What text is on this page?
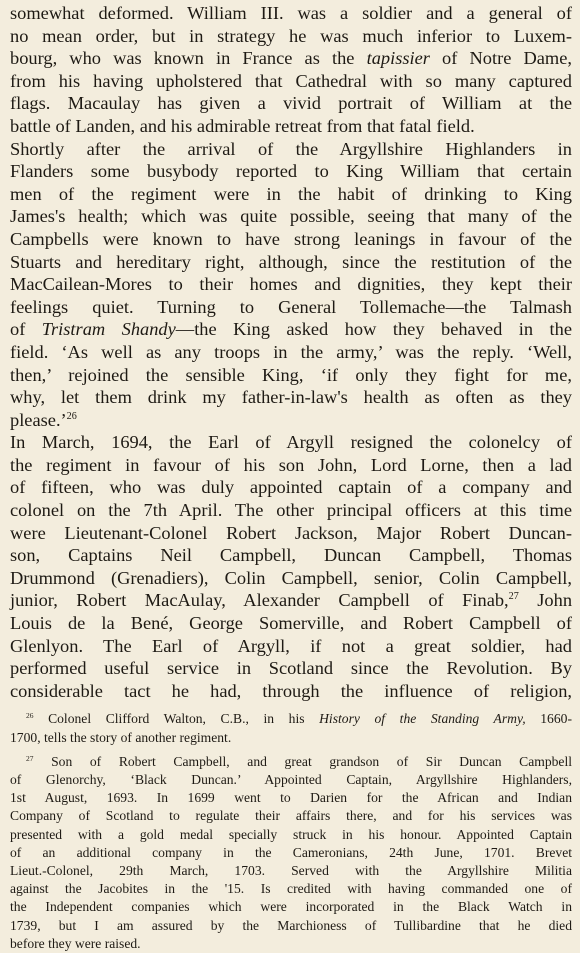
somewhat deformed. William III. was a soldier and a general of
no mean order, but in strategy he was much inferior to Luxem-
bourg, who was known in France as the tapissier of Notre Dame,
from his having upholstered that Cathedral with so many captured
flags. Macaulay has given a vivid portrait of William at the
battle of Landen, and his admirable retreat from that fatal field.
Shortly after the arrival of the Argyllshire Highlanders in
Flanders some busybody reported to King William that certain
men of the regiment were in the habit of drinking to King
James's health; which was quite possible, seeing that many of the
Campbells were known to have strong leanings in favour of the
Stuarts and hereditary right, although, since the restitution of the
MacCailean-Mores to their homes and dignities, they kept their
feelings quiet. Turning to General Tollemache—the Talmash
of Tristram Shandy—the King asked how they behaved in the
field. ‘As well as any troops in the army,’ was the reply. ‘Well,
then,’ rejoined the sensible King, ‘if only they fight for me,
why, let them drink my father-in-law's health as often as they
please.’$^{26}$
In March, 1694, the Earl of Argyll resigned the colonelcy of
the regiment in favour of his son John, Lord Lorne, then a lad
of fifteen, who was duly appointed captain of a company and
colonel on the 7th April. The other principal officers at this time
were Lieutenant-Colonel Robert Jackson, Major Robert Duncan-
son, Captains Neil Campbell, Duncan Campbell, Thomas
Drummond (Grenadiers), Colin Campbell, senior, Colin Campbell,
junior, Robert MacAulay, Alexander Campbell of Finab,$^{27}$ John
Louis de la Bené, George Somerville, and Robert Campbell of
Glenlyon. The Earl of Argyll, if not a great soldier, had
performed useful service in Scotland since the Revolution. By
considerable tact he had, through the influence of religion,
$^{26}$ Colonel Clifford Walton, C.B., in his History of the Standing Army, 1660-
1700, tells the story of another regiment.
$^{27}$ Son of Robert Campbell, and great grandson of Sir Duncan Campbell
of Glenorchy, ‘Black Duncan.’ Appointed Captain, Argyllshire Highlanders,
1st August, 1693. In 1699 went to Darien for the African and Indian
Company of Scotland to regulate their affairs there, and for his services was
presented with a gold medal specially struck in his honour. Appointed Captain
of an additional company in the Cameronians, 24th June, 1701. Brevet
Lieut.-Colonel, 29th March, 1703. Served with the Argyllshire Militia
against the Jacobites in the '15. Is credited with having commanded one of
the Independent companies which were incorporated in the Black Watch in
1739, but I am assured by the Marchioness of Tullibardine that he died
before they were raised.
